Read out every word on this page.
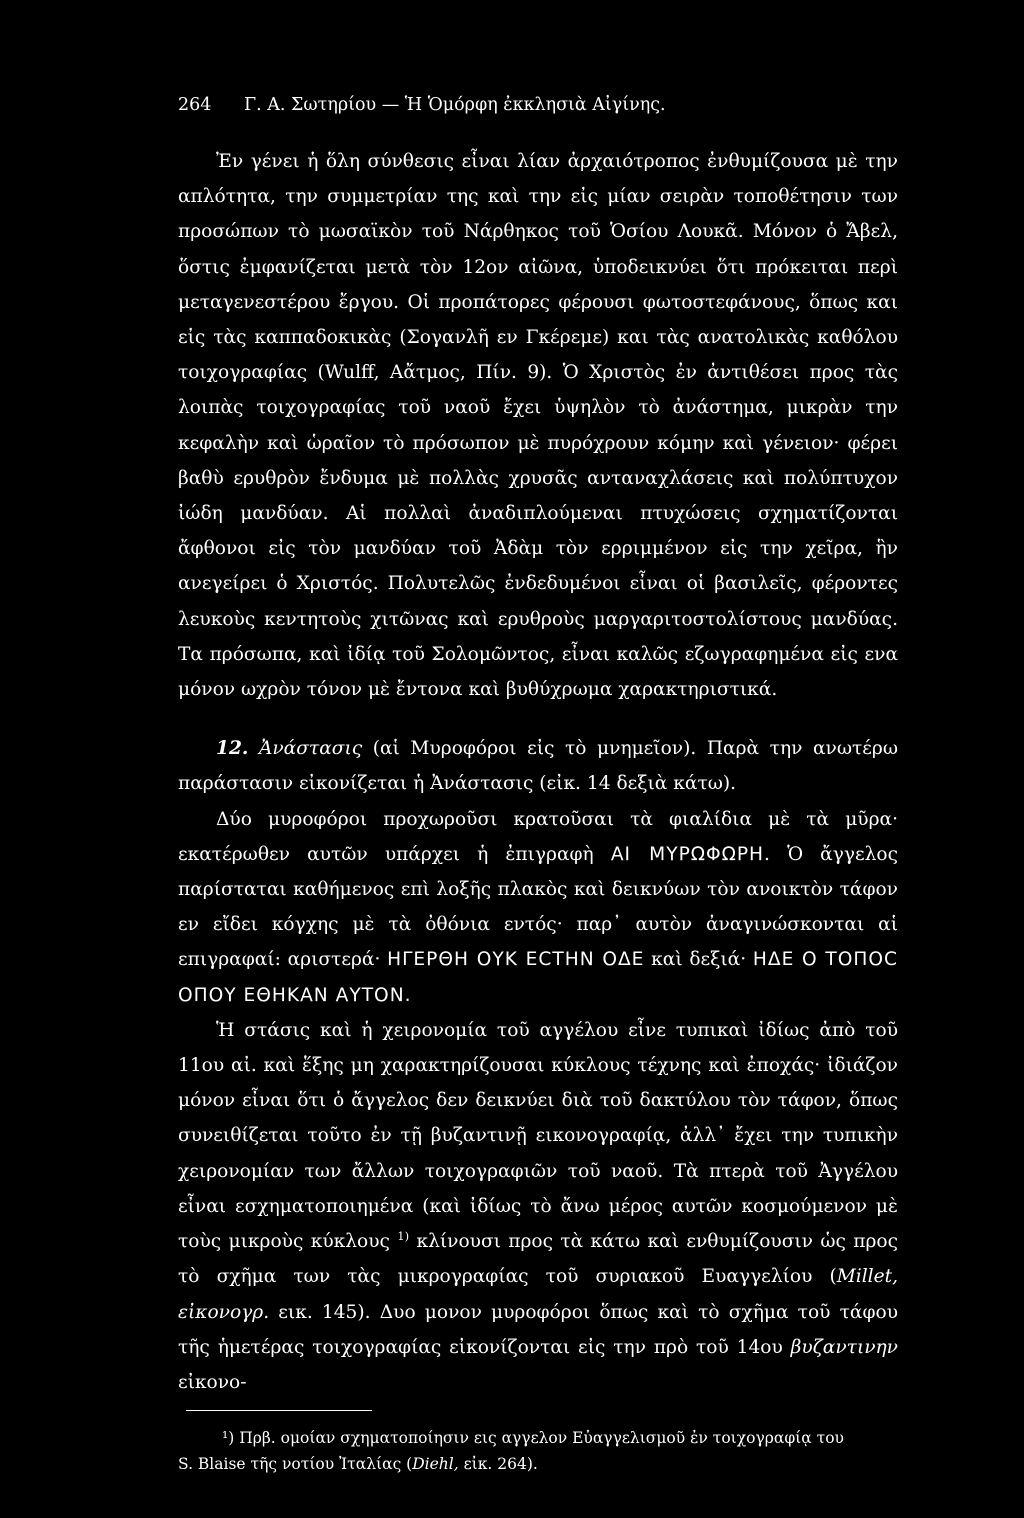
264	Γ. Α. Σωτηρίου — Ἡ Ὁμόρφη ἐκκλησιὰ Αἰγίνης.

Ἐν γένει ἡ ὅλη σύνθεσις εἶναι λίαν ἀρχαιότροπος ἐνθυμίζουσα μὲ την απλότητα, την συμμετρίαν της καὶ την εἰς μίαν σειρὰν τοποθέτησιν των προσώπων τὸ μωσαϊκὸν τοῦ Νάρθηκος τοῦ Ὁσίου Λουκᾶ. Μόνον ὁ Ἄβελ, ὅστις ἐμφανίζεται μετὰ τὸν 12ον αἰῶνα, ὑποδεικνύει ὅτι πρόκειται περὶ μεταγενεστέρου ἔργου. Οἱ προπάτορες φέρουσι φωτοστεφάνους, ὅπως και εἰς τὰς καππαδοκικὰς (Σογανλῆ εν Γκέρεμε) και τὰς ανατολικὰς καθόλου τοιχογραφίας (Wulff, Αἄτμος, Πίν. 9). Ὁ Χριστὸς ἐν ἀντιθέσει προς τὰς λοιπὰς τοιχογραφίας τοῦ ναοῦ ἔχει ὑψηλὸν τὸ ἀνάστημα, μικρὰν την κεφαλὴν καὶ ὡραῖον τὸ πρόσωπον μὲ πυρόχρουν κόμην καὶ γένειον· φέρει βαθὺ ερυθρὸν ἔνδυμα μὲ πολλὰς χρυσᾶς ανταναχλάσεις καὶ πολύπτυχον ἰώδη μανδύαν. Αἱ πολλαὶ ἀναδιπλούμεναι πτυχώσεις σχηματίζονται ἄφθονοι εἰς τὸν μανδύαν τοῦ Ἀδὰμ τὸν ερριμμένον εἰς την χεῖρα, ἣν ανεγείρει ὁ Χριστός. Πολυτελῶς ἐνδεδυμένοι εἶναι οἱ βασιλεῖς, φέροντες λευκοὺς κεντητοὺς χιτῶνας καὶ ερυθροὺς μαργαριτοστολίστους μανδύας. Τα πρόσωπα, καὶ ἰδίᾳ τοῦ Σολομῶντος, εἶναι καλῶς εζωγραφημένα εἰς ενα μόνον ωχρὸν τόνον μὲ ἔντονα καὶ βυθύχρωμα χαρακτηριστικά.

12. Ἀνάστασις (αἱ Μυροφόροι εἰς τὸ μνημεῖον). Παρὰ την ανωτέρω παράστασιν εἰκονίζεται ἡ Ἀνάστασις (εἰκ. 14 δεξιὰ κάτω).

Δύο μυροφόροι προχωροῦσι κρατοῦσαι τὰ φιαλίδια μὲ τὰ μῦρα· εκατέρωθεν αυτῶν υπάρχει ἡ ἐπιγραφὴ ΑΙ ΜΥΡΩΦΩΡΗ. Ὁ ἄγγελος παρίσταται καθήμενος επὶ λοξῆς πλακὸς καὶ δεικνύων τὸν ανοικτὸν τάφον εν εἴδει κόγχης μὲ τὰ ὀθόνια εντός· παρ᾽ αυτὸν ἀναγινώσκονται αἱ επιγραφαί: αριστερά· ΗΓΕΡΘΗ ΟΥΚ ΕCΤΗΝ ΟΔΕ καὶ δεξιά· ΗΔΕ Ο ΤΟΠΟC ΟΠΟΥ ΕΘΗΚΑΝ ΑΥΤΟΝ.

Ἡ στάσις καὶ ἡ χειρονομία τοῦ αγγέλου εἶνε τυπικαὶ ἰδίως ἀπὸ τοῦ 11ου αἰ. καὶ ἕξης μη χαρακτηρίζουσαι κύκλους τέχνης καὶ ἐποχάς· ἰδιάζον μόνον εἶναι ὅτι ὁ ἄγγελος δεν δεικνύει διὰ τοῦ δακτύλου τὸν τάφον, ὅπως συνειθίζεται τοῦτο ἐν τῇ βυζαντινῇ εικονογραφίᾳ, ἀλλ᾽ ἔχει την τυπικὴν χειρονομίαν των ἄλλων τοιχογραφιῶν τοῦ ναοῦ. Τὰ πτερὰ τοῦ Ἀγγέλου εἶναι εσχηματοποιημένα (καὶ ἰδίως τὸ ἄνω μέρος αυτῶν κοσμούμενον μὲ τοὺς μικροὺς κύκλους $^{1)}$ κλίνουσι προς τὰ κάτω καὶ ενθυμίζουσιν ὡς προς τὸ σχῆμα των τὰς μικρογραφίας τοῦ συριακοῦ Ευαγγελίου (Millet, εἰκονογρ. εικ. 145). Δυο μονον μυροφόροι ὅπως καὶ τὸ σχῆμα τοῦ τάφου τῆς ἡμετέρας τοιχογραφίας εἰκονίζονται εἰς την πρὸ τοῦ 14ου βυζαντινην εἰκονο-

¹) Πρβ. ομοίαν σχηματοποίησιν εις αγγελον Εὐαγγελισμοῦ ἐν τοιχογραφίᾳ του
S. Blaise τῆς νοτίου Ἰταλίας (Diehl, εἰκ. 264).
